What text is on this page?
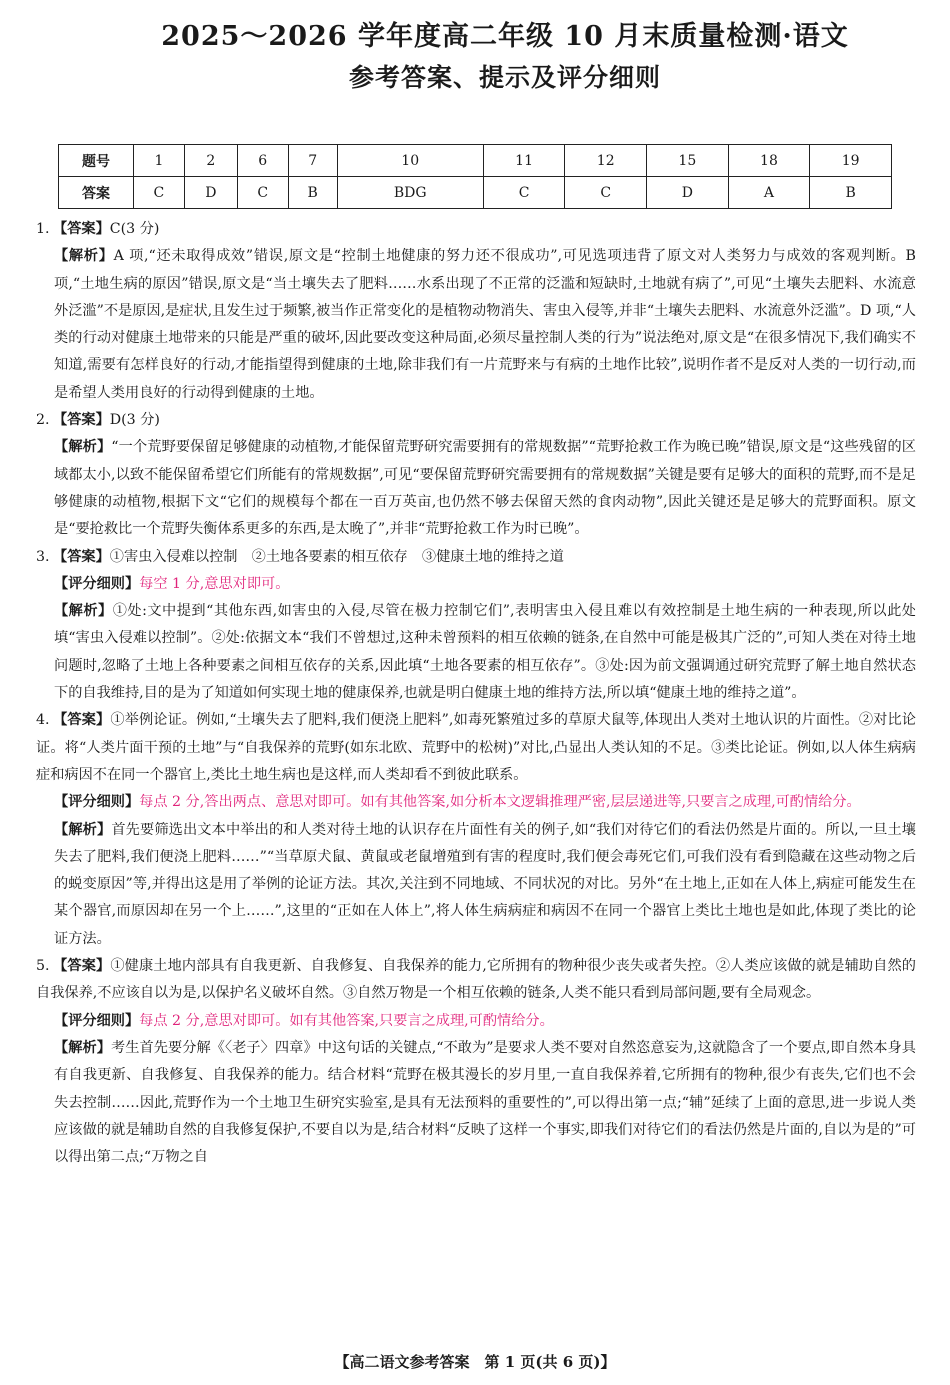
2025～2026 学年度高二年级 10 月末质量检测·语文
参考答案、提示及评分细则
题号	1	2	6	7	10	11	12	15	18	19
答案	C	D	C	B	BDG	C	C	D	A	B

1. 【答案】C(3 分)

【解析】A 项,“还未取得成效”错误,原文是“控制土地健康的努力还不很成功”,可见选项违背了原文对人类努力与成效的客观判断。B 项,“土地生病的原因”错误,原文是“当土壤失去了肥料……水系出现了不正常的泛滥和短缺时,土地就有病了”,可见“土壤失去肥料、水流意外泛滥”不是原因,是症状,且发生过于频繁,被当作正常变化的是植物动物消失、害虫入侵等,并非“土壤失去肥料、水流意外泛滥”。D 项,“人类的行动对健康土地带来的只能是严重的破坏,因此要改变这种局面,必须尽量控制人类的行为”说法绝对,原文是“在很多情况下,我们确实不知道,需要有怎样良好的行动,才能指望得到健康的土地,除非我们有一片荒野来与有病的土地作比较”,说明作者不是反对人类的一切行动,而是希望人类用良好的行动得到健康的土地。

2. 【答案】D(3 分)

【解析】“一个荒野要保留足够健康的动植物,才能保留荒野研究需要拥有的常规数据”“荒野抢救工作为晚已晚”错误,原文是“这些残留的区域都太小,以致不能保留希望它们所能有的常规数据”,可见“要保留荒野研究需要拥有的常规数据”关键是要有足够大的面积的荒野,而不是足够健康的动植物,根据下文“它们的规模每个都在一百万英亩,也仍然不够去保留天然的食肉动物”,因此关键还是足够大的荒野面积。原文是“要抢救比一个荒野失衡体系更多的东西,是太晚了”,并非“荒野抢救工作为时已晚”。

3. 【答案】①害虫入侵难以控制　②土地各要素的相互依存　③健康土地的维持之道

【评分细则】每空 1 分,意思对即可。

【解析】①处:文中提到“其他东西,如害虫的入侵,尽管在极力控制它们”,表明害虫入侵且难以有效控制是土地生病的一种表现,所以此处填“害虫入侵难以控制”。②处:依据文本“我们不曾想过,这种未曾预料的相互依赖的链条,在自然中可能是极其广泛的”,可知人类在对待土地问题时,忽略了土地上各种要素之间相互依存的关系,因此填“土地各要素的相互依存”。③处:因为前文强调通过研究荒野了解土地自然状态下的自我维持,目的是为了知道如何实现土地的健康保养,也就是明白健康土地的维持方法,所以填“健康土地的维持之道”。

4. 【答案】①举例论证。例如,“土壤失去了肥料,我们便浇上肥料”,如毒死繁殖过多的草原犬鼠等,体现出人类对土地认识的片面性。②对比论证。将“人类片面干预的土地”与“自我保养的荒野(如东北欧、荒野中的松树)”对比,凸显出人类认知的不足。③类比论证。例如,以人体生病病症和病因不在同一个器官上,类比土地生病也是这样,而人类却看不到彼此联系。

【评分细则】每点 2 分,答出两点、意思对即可。如有其他答案,如分析本文逻辑推理严密,层层递进等,只要言之成理,可酌情给分。

【解析】首先要筛选出文本中举出的和人类对待土地的认识存在片面性有关的例子,如“我们对待它们的看法仍然是片面的。所以,一旦土壤失去了肥料,我们便浇上肥料……”“当草原犬鼠、黄鼠或老鼠增殖到有害的程度时,我们便会毒死它们,可我们没有看到隐藏在这些动物之后的蜕变原因”等,并得出这是用了举例的论证方法。其次,关注到不同地域、不同状况的对比。另外“在土地上,正如在人体上,病症可能发生在某个器官,而原因却在另一个上……”,这里的“正如在人体上”,将人体生病病症和病因不在同一个器官上类比土地也是如此,体现了类比的论证方法。

5. 【答案】①健康土地内部具有自我更新、自我修复、自我保养的能力,它所拥有的物种很少丧失或者失控。②人类应该做的就是辅助自然的自我保养,不应该自以为是,以保护名义破坏自然。③自然万物是一个相互依赖的链条,人类不能只看到局部问题,要有全局观念。

【评分细则】每点 2 分,意思对即可。如有其他答案,只要言之成理,可酌情给分。

【解析】考生首先要分解《〈老子〉四章》中这句话的关键点,“不敢为”是要求人类不要对自然恣意妄为,这就隐含了一个要点,即自然本身具有自我更新、自我修复、自我保养的能力。结合材料“荒野在极其漫长的岁月里,一直自我保养着,它所拥有的物种,很少有丧失,它们也不会失去控制……因此,荒野作为一个土地卫生研究实验室,是具有无法预料的重要性的”,可以得出第一点;“辅”延续了上面的意思,进一步说人类应该做的就是辅助自然的自我修复保护,不要自以为是,结合材料“反映了这样一个事实,即我们对待它们的看法仍然是片面的,自以为是的”可以得出第二点;“万物之自

【高二语文参考答案　第 1 页(共 6 页)】
